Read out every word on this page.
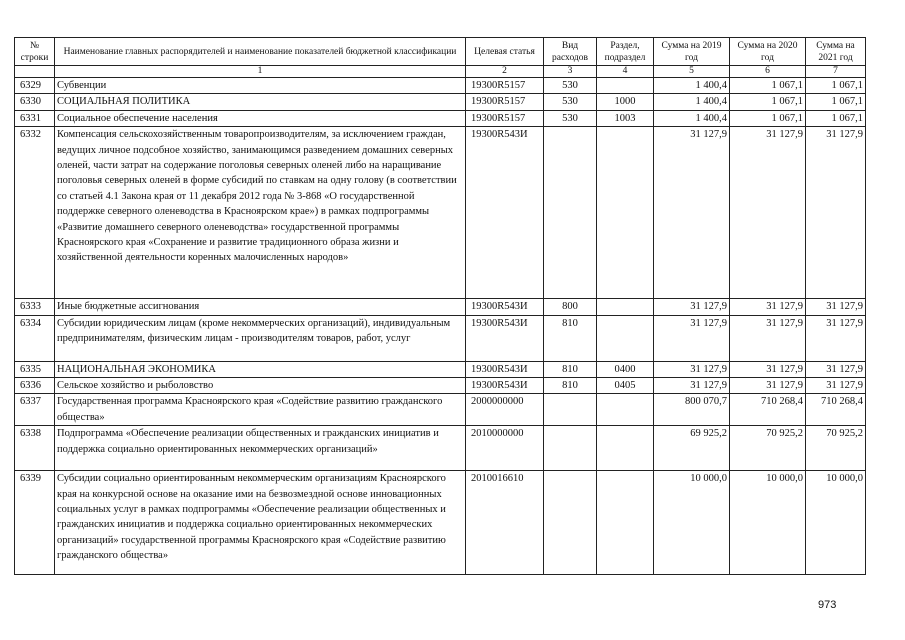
№ строки	Наименование главных распорядителей и наименование показателей бюджетной классификации	Целевая статья	Вид расходов	Раздел, подраздел	Сумма на 2019 год	Сумма на 2020 год	Сумма на 2021 год
	1	2	3	4	5	6	7
6329	Субвенции	19300R5157	530		1 400,4	1 067,1	1 067,1
6330	СОЦИАЛЬНАЯ ПОЛИТИКА	19300R5157	530	1000	1 400,4	1 067,1	1 067,1
6331	Социальное обеспечение населения	19300R5157	530	1003	1 400,4	1 067,1	1 067,1
6332	Компенсация сельскохозяйственным товаропроизводителям, за исключением граждан, ведущих личное подсобное хозяйство, занимающимся разведением домашних северных оленей, части затрат на содержание поголовья северных оленей либо на наращивание поголовья северных оленей в форме субсидий по ставкам на одну голову (в соответствии со статьей 4.1 Закона края от 11 декабря 2012 года № 3-868 «О государственной поддержке северного оленеводства в Красноярском крае») в рамках подпрограммы «Развитие домашнего северного оленеводства» государственной программы Красноярского края «Сохранение и развитие традиционного образа жизни и хозяйственной деятельности коренных малочисленных народов»	19300R543И			31 127,9	31 127,9	31 127,9
6333	Иные бюджетные ассигнования	19300R543И	800		31 127,9	31 127,9	31 127,9
6334	Субсидии юридическим лицам (кроме некоммерческих организаций), индивидуальным предпринимателям, физическим лицам - производителям товаров, работ, услуг	19300R543И	810		31 127,9	31 127,9	31 127,9
6335	НАЦИОНАЛЬНАЯ ЭКОНОМИКА	19300R543И	810	0400	31 127,9	31 127,9	31 127,9
6336	Сельское хозяйство и рыболовство	19300R543И	810	0405	31 127,9	31 127,9	31 127,9
6337	Государственная программа Красноярского края «Содействие развитию гражданского общества»	2000000000			800 070,7	710 268,4	710 268,4
6338	Подпрограмма «Обеспечение реализации общественных и гражданских инициатив и поддержка социально ориентированных некоммерческих организаций»	2010000000			69 925,2	70 925,2	70 925,2
6339	Субсидии социально ориентированным некоммерческим организациям Красноярского края на конкурсной основе на оказание ими на безвозмездной основе инновационных социальных услуг в рамках подпрограммы «Обеспечение реализации общественных и гражданских инициатив и поддержка социально ориентированных некоммерческих организаций» государственной программы Красноярского края «Содействие развитию гражданского общества»	2010016610			10 000,0	10 000,0	10 000,0
973
